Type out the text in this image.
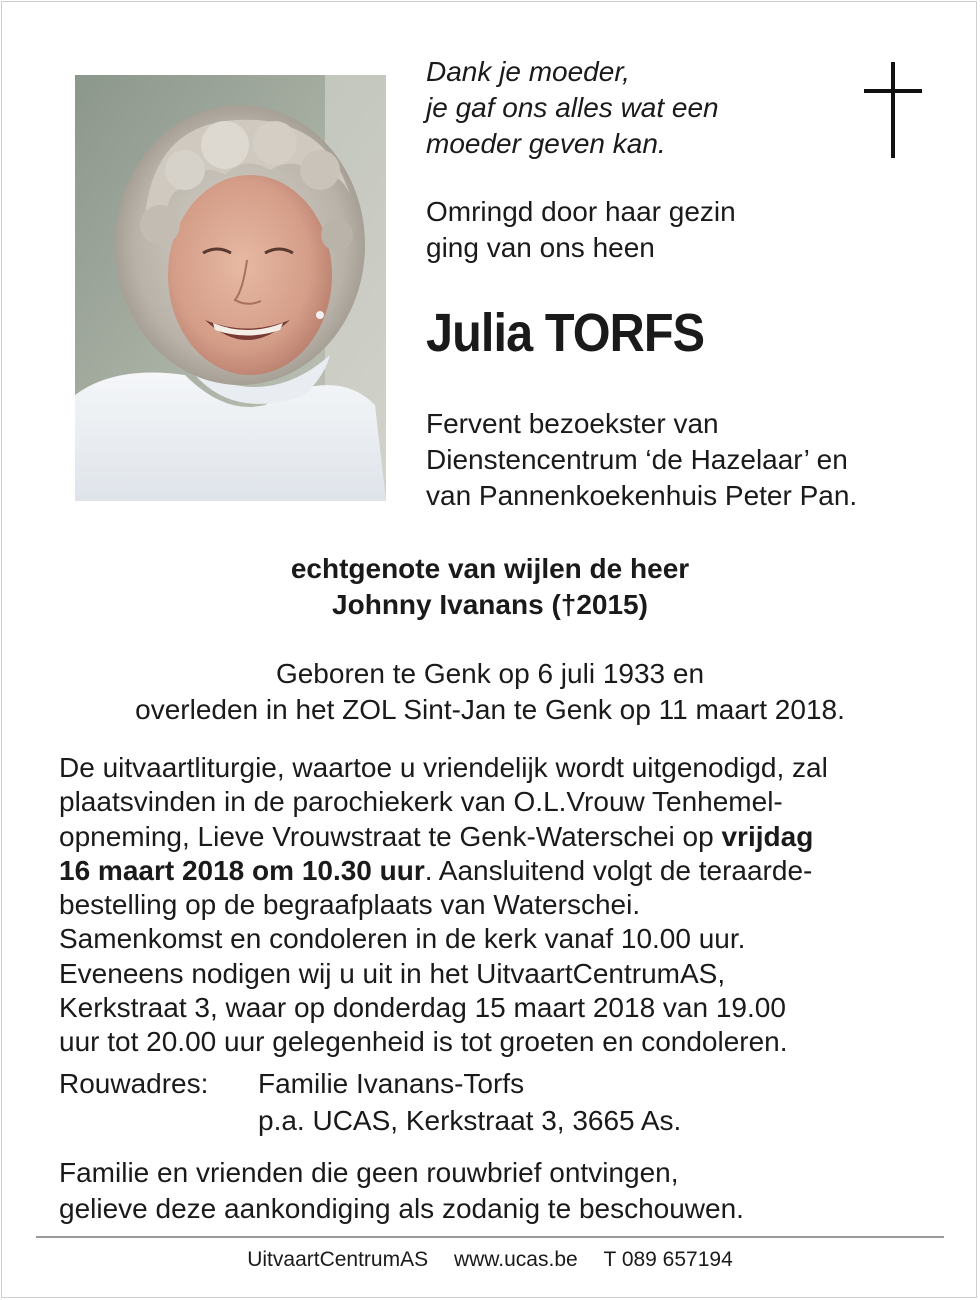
Dank je moeder,
je gaf ons alles wat een
moeder geven kan.
Omringd door haar gezin
ging van ons heen
Julia TORFS
Fervent bezoekster van
Dienstencentrum ‘de Hazelaar’ en
van Pannenkoekenhuis Peter Pan.
echtgenote van wijlen de heer
Johnny Ivanans (†2015)
Geboren te Genk op 6 juli 1933 en
overleden in het ZOL Sint-Jan te Genk op 11 maart 2018.
De uitvaartliturgie, waartoe u vriendelijk wordt uitgenodigd, zal
plaatsvinden in de parochiekerk van O.L.Vrouw Tenhemel-
opneming, Lieve Vrouwstraat te Genk-Waterschei op vrijdag
16 maart 2018 om 10.30 uur. Aansluitend volgt de teraarde-
bestelling op de begraafplaats van Waterschei.
Samenkomst en condoleren in de kerk vanaf 10.00 uur.
Eveneens nodigen wij u uit in het UitvaartCentrumAS,
Kerkstraat 3, waar op donderdag 15 maart 2018 van 19.00
uur tot 20.00 uur gelegenheid is tot groeten en condoleren.
Rouwadres:	Familie Ivanans-Torfs
p.a. UCAS, Kerkstraat 3, 3665 As.
Familie en vrienden die geen rouwbrief ontvingen,
gelieve deze aankondiging als zodanig te beschouwen.
UitvaartCentrumAS www.ucas.be T 089 657194
